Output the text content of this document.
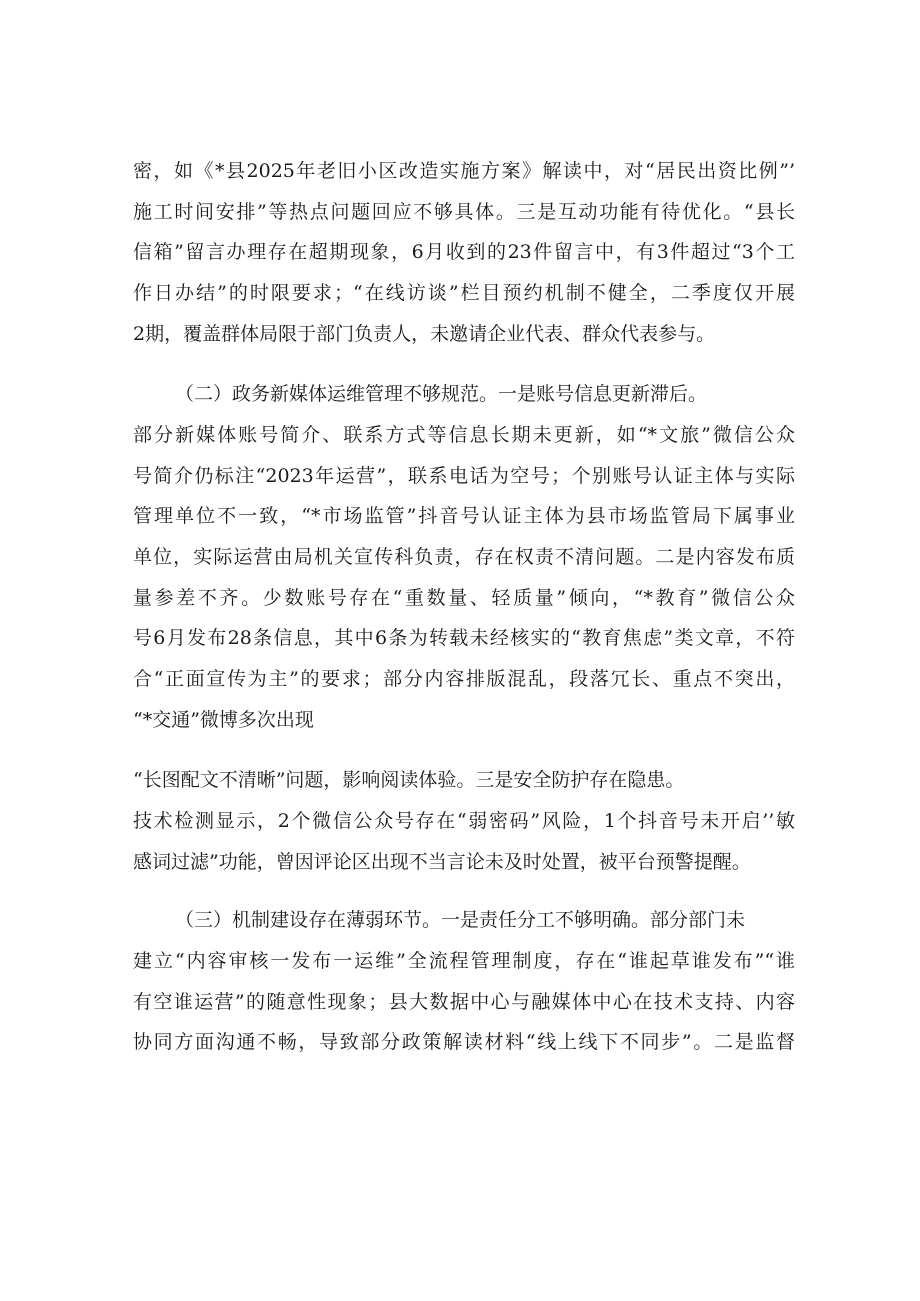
密，如《*县2025年老旧小区改造实施方案》解读中，对“居民出资比例”’
施工时间安排”等热点问题回应不够具体。三是互动功能有待优化。“县长
信箱”留言办理存在超期现象，6月收到的23件留言中，有3件超过“3个工
作日办结”的时限要求；“在线访谈”栏目预约机制不健全，二季度仅开展
2期，覆盖群体局限于部门负责人，未邀请企业代表、群众代表参与。
（二）政务新媒体运维管理不够规范。一是账号信息更新滞后。
部分新媒体账号简介、联系方式等信息长期未更新，如“*文旅”微信公众
号简介仍标注“2023年运营”，联系电话为空号；个别账号认证主体与实际
管理单位不一致，“*市场监管”抖音号认证主体为县市场监管局下属事业
单位，实际运营由局机关宣传科负责，存在权责不清问题。二是内容发布质
量参差不齐。少数账号存在“重数量、轻质量”倾向，“*教育”微信公众
号6月发布28条信息，其中6条为转载未经核实的“教育焦虑”类文章，不符
合“正面宣传为主”的要求；部分内容排版混乱，段落冗长、重点不突出，
“*交通”微博多次出现
“长图配文不清晰”问题，影响阅读体验。三是安全防护存在隐患。
技术检测显示，2个微信公众号存在“弱密码”风险，1个抖音号未开启’’敏
感词过滤”功能，曾因评论区出现不当言论未及时处置，被平台预警提醒。
（三）机制建设存在薄弱环节。一是责任分工不够明确。部分部门未
建立“内容审核一发布一运维”全流程管理制度，存在“谁起草谁发布”“谁
有空谁运营”的随意性现象；县大数据中心与融媒体中心在技术支持、内容
协同方面沟通不畅，导致部分政策解读材料“线上线下不同步”。二是监督
